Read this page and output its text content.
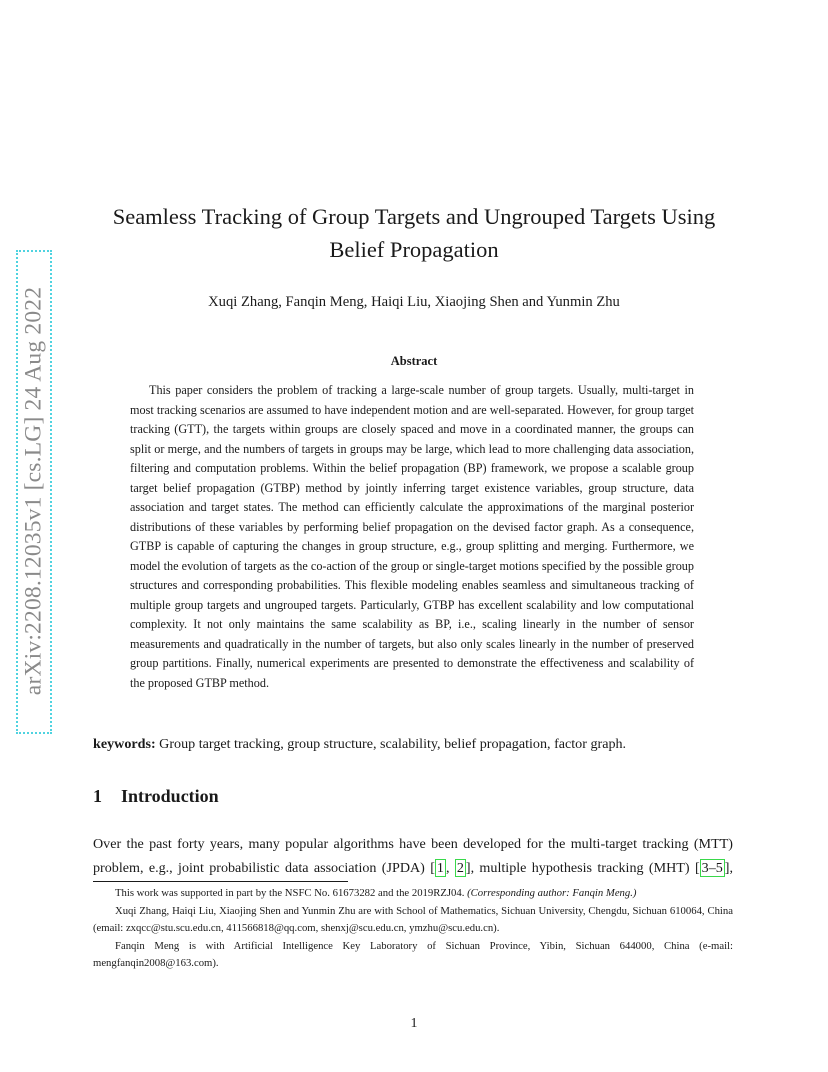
arXiv:2208.12035v1 [cs.LG] 24 Aug 2022
Seamless Tracking of Group Targets and Ungrouped Targets Using
Belief Propagation
Xuqi Zhang, Fanqin Meng, Haiqi Liu, Xiaojing Shen and Yunmin Zhu
Abstract

This paper considers the problem of tracking a large-scale number of group targets. Usually, multi-target in most tracking scenarios are assumed to have independent motion and are well-separated. However, for group target tracking (GTT), the targets within groups are closely spaced and move in a coordinated manner, the groups can split or merge, and the numbers of targets in groups may be large, which lead to more challenging data association, filtering and computation problems. Within the belief propagation (BP) framework, we propose a scalable group target belief propagation (GTBP) method by jointly inferring target existence variables, group structure, data association and target states. The method can efficiently calculate the approximations of the marginal posterior distributions of these variables by performing belief propagation on the devised factor graph. As a consequence, GTBP is capable of capturing the changes in group structure, e.g., group splitting and merging. Furthermore, we model the evolution of targets as the co-action of the group or single-target motions specified by the possible group structures and corresponding probabilities. This flexible modeling enables seamless and simultaneous tracking of multiple group targets and ungrouped targets. Particularly, GTBP has excellent scalability and low computational complexity. It not only maintains the same scalability as BP, i.e., scaling linearly in the number of sensor measurements and quadratically in the number of targets, but also only scales linearly in the number of preserved group partitions. Finally, numerical experiments are presented to demonstrate the effectiveness and scalability of the proposed GTBP method.

keywords: Group target tracking, group structure, scalability, belief propagation, factor graph.
1 Introduction

Over the past forty years, many popular algorithms have been developed for the multi-target tracking (MTT)
problem, e.g., joint probabilistic data association (JPDA) [ 1 , 2 ], multiple hypothesis tracking (MHT) [ 3–5 ],

This work was supported in part by the NSFC No. 61673282 and the 2019RZJ04. (Corresponding author: Fanqin Meng.)

Xuqi Zhang, Haiqi Liu, Xiaojing Shen and Yunmin Zhu are with School of Mathematics, Sichuan University, Chengdu, Sichuan 610064, China (email: zxqcc@stu.scu.edu.cn, 411566818@qq.com, shenxj@scu.edu.cn, ymzhu@scu.edu.cn).

Fanqin Meng is with Artificial Intelligence Key Laboratory of Sichuan Province, Yibin, Sichuan 644000, China (e-mail: mengfanqin2008@163.com).

1
